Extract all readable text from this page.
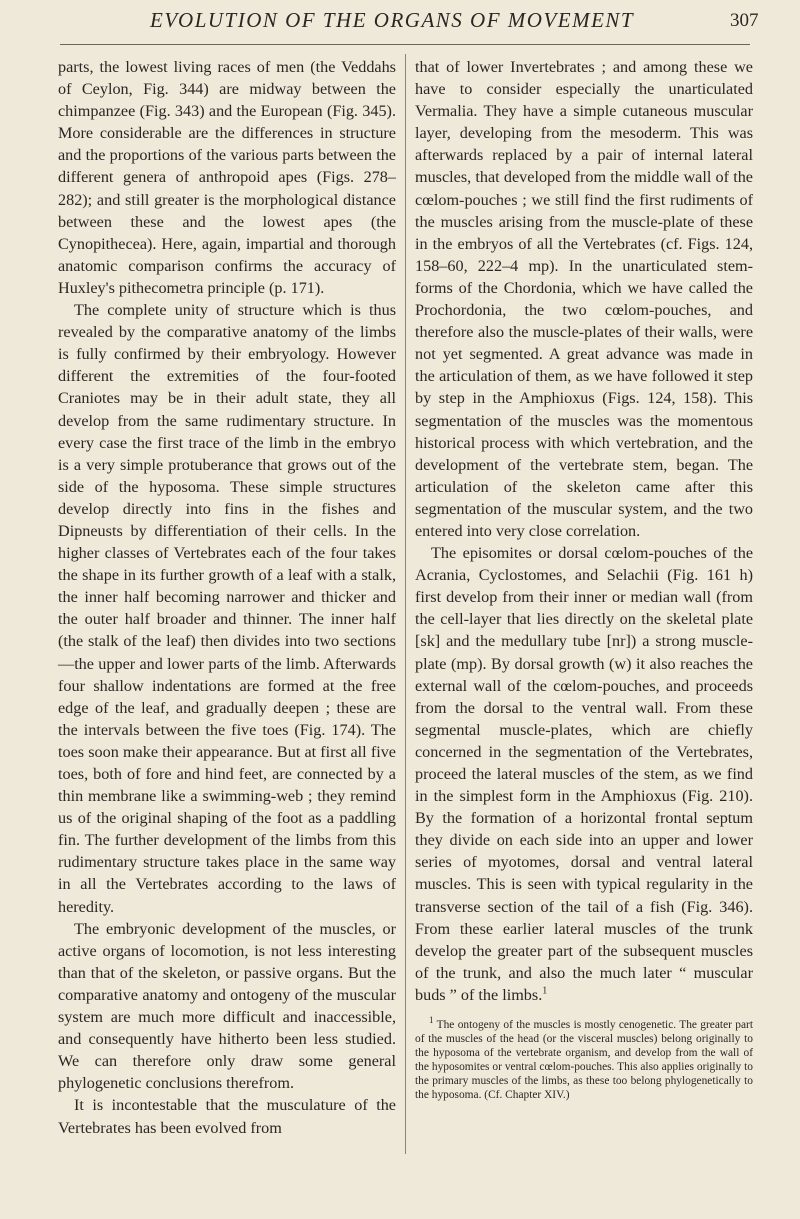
EVOLUTION OF THE ORGANS OF MOVEMENT	307

parts, the lowest living races of men (the Veddahs of Ceylon, Fig. 344) are midway between the chimpanzee (Fig. 343) and the European (Fig. 345). More considerable are the differences in structure and the proportions of the various parts between the different genera of anthropoid apes (Figs. 278–282); and still greater is the morphological distance between these and the lowest apes (the Cynopithecea). Here, again, impartial and thorough anatomic comparison confirms the accuracy of Huxley's pithecometra principle (p. 171).

The complete unity of structure which is thus revealed by the comparative anatomy of the limbs is fully confirmed by their embryology. However different the extremities of the four-footed Craniotes may be in their adult state, they all develop from the same rudimentary structure. In every case the first trace of the limb in the embryo is a very simple protuberance that grows out of the side of the hyposoma. These simple structures develop directly into fins in the fishes and Dipneusts by differentiation of their cells. In the higher classes of Vertebrates each of the four takes the shape in its further growth of a leaf with a stalk, the inner half becoming narrower and thicker and the outer half broader and thinner. The inner half (the stalk of the leaf) then divides into two sections—the upper and lower parts of the limb. Afterwards four shallow indentations are formed at the free edge of the leaf, and gradually deepen ; these are the intervals between the five toes (Fig. 174). The toes soon make their appearance. But at first all five toes, both of fore and hind feet, are connected by a thin membrane like a swimming-web ; they remind us of the original shaping of the foot as a paddling fin. The further development of the limbs from this rudimentary structure takes place in the same way in all the Vertebrates according to the laws of heredity.

The embryonic development of the muscles, or active organs of locomotion, is not less interesting than that of the skeleton, or passive organs. But the comparative anatomy and ontogeny of the muscular system are much more difficult and inaccessible, and consequently have hitherto been less studied. We can therefore only draw some general phylogenetic conclusions therefrom.

It is incontestable that the musculature of the Vertebrates has been evolved from

that of lower Invertebrates ; and among these we have to consider especially the unarticulated Vermalia. They have a simple cutaneous muscular layer, developing from the mesoderm. This was afterwards replaced by a pair of internal lateral muscles, that developed from the middle wall of the cœlom-pouches ; we still find the first rudiments of the muscles arising from the muscle-plate of these in the embryos of all the Vertebrates (cf. Figs. 124, 158–60, 222–4 mp). In the unarticulated stem-forms of the Chordonia, which we have called the Prochordonia, the two cœlom-pouches, and therefore also the muscle-plates of their walls, were not yet segmented. A great advance was made in the articulation of them, as we have followed it step by step in the Amphioxus (Figs. 124, 158). This segmentation of the muscles was the momentous historical process with which vertebration, and the development of the vertebrate stem, began. The articulation of the skeleton came after this segmentation of the muscular system, and the two entered into very close correlation.

The episomites or dorsal cœlom-pouches of the Acrania, Cyclostomes, and Selachii (Fig. 161 h) first develop from their inner or median wall (from the cell-layer that lies directly on the skeletal plate [sk] and the medullary tube [nr]) a strong muscle-plate (mp). By dorsal growth (w) it also reaches the external wall of the cœlom-pouches, and proceeds from the dorsal to the ventral wall. From these segmental muscle-plates, which are chiefly concerned in the segmentation of the Vertebrates, proceed the lateral muscles of the stem, as we find in the simplest form in the Amphioxus (Fig. 210). By the formation of a horizontal frontal septum they divide on each side into an upper and lower series of myotomes, dorsal and ventral lateral muscles. This is seen with typical regularity in the transverse section of the tail of a fish (Fig. 346). From these earlier lateral muscles of the trunk develop the greater part of the subsequent muscles of the trunk, and also the much later “ muscular buds ” of the limbs.$^1$

$^1$ The ontogeny of the muscles is mostly cenogenetic. The greater part of the muscles of the head (or the visceral muscles) belong originally to the hyposoma of the vertebrate organism, and develop from the wall of the hyposomites or ventral cœlom-pouches. This also applies originally to the primary muscles of the limbs, as these too belong phylogenetically to the hyposoma. (Cf. Chapter XIV.)
